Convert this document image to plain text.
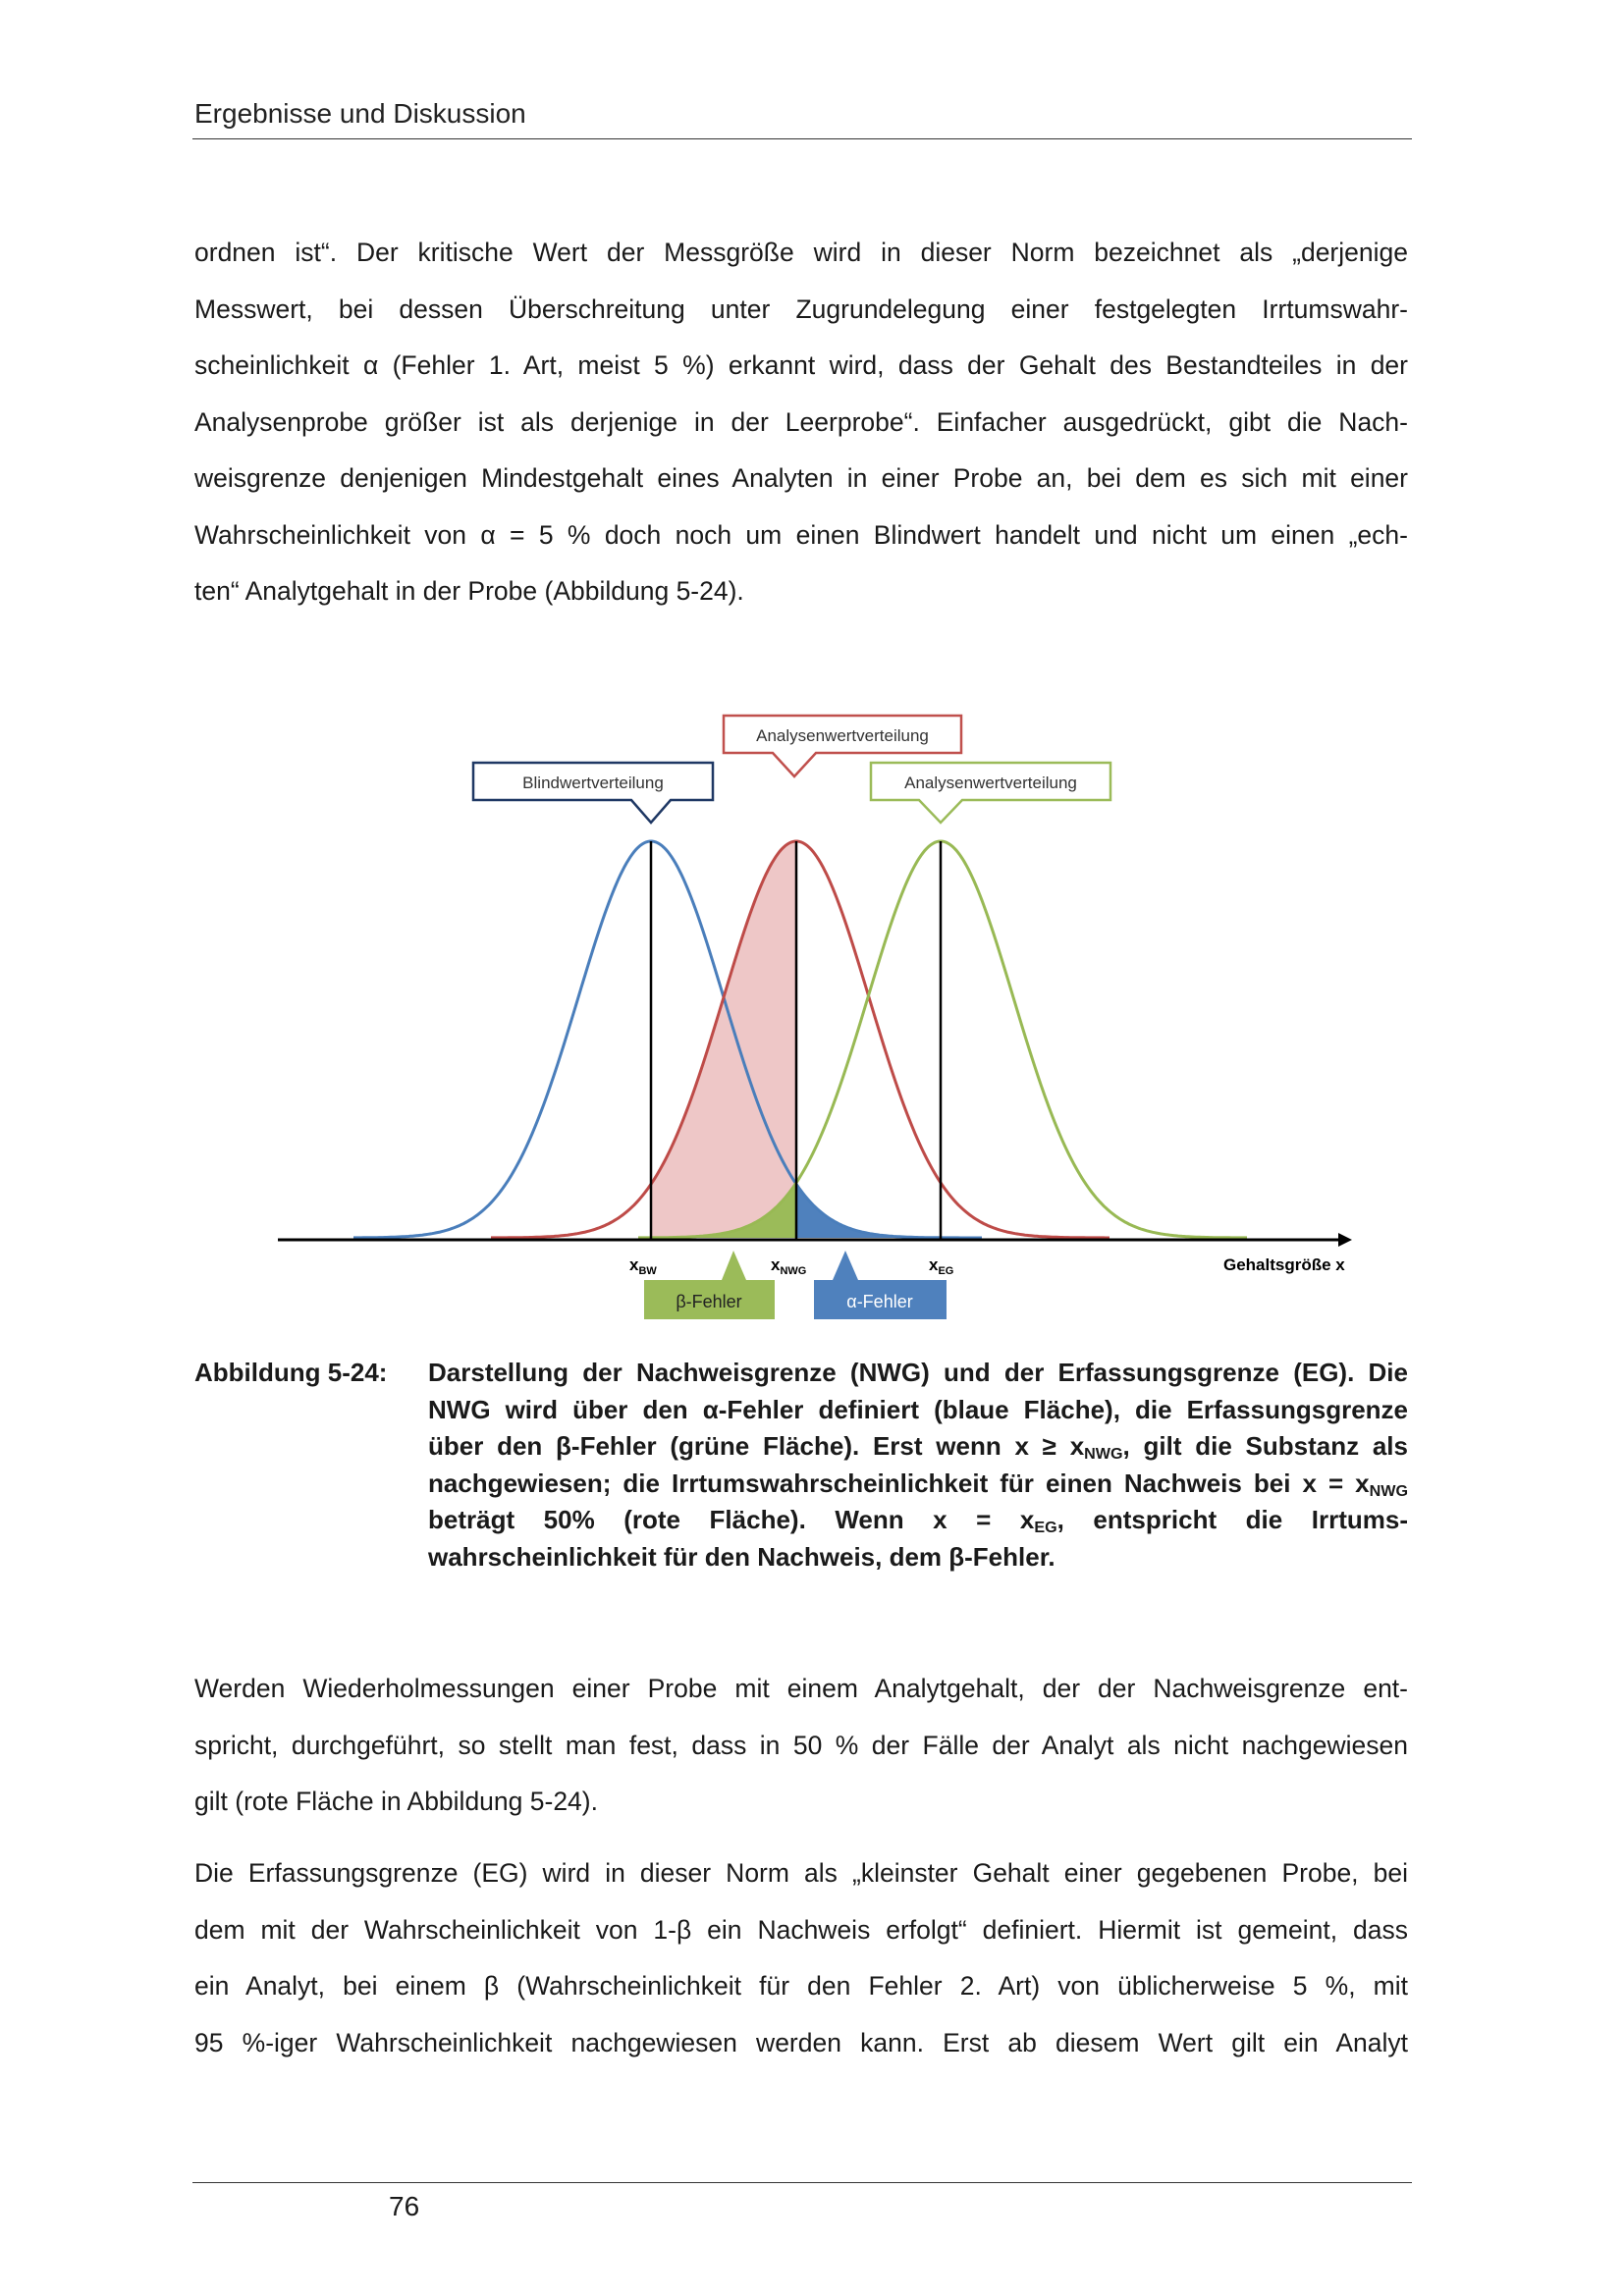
Ergebnisse und Diskussion
ordnen ist“. Der kritische Wert der Messgröße wird in dieser Norm bezeichnet als „derjenige
Messwert, bei dessen Überschreitung unter Zugrundelegung einer festgelegten Irrtumswahr-
scheinlichkeit α (Fehler 1. Art, meist 5 %) erkannt wird, dass der Gehalt des Bestandteiles in der
Analysenprobe größer ist als derjenige in der Leerprobe“. Einfacher ausgedrückt, gibt die Nach-
weisgrenze denjenigen Mindestgehalt eines Analyten in einer Probe an, bei dem es sich mit einer
Wahrscheinlichkeit von α = 5 % doch noch um einen Blindwert handelt und nicht um einen „ech-
ten“ Analytgehalt in der Probe (Abbildung 5-24).
Blindwertverteilung
Analysenwertverteilung
Analysenwertverteilung
$x_{BW}$	$x_{NWG}$	$x_{EG}$	Gehaltsgröße x
β-Fehler	α-Fehler
Abbildung 5-24: Darstellung der Nachweisgrenze (NWG) und der Erfassungsgrenze (EG). Die
NWG wird über den α-Fehler definiert (blaue Fläche), die Erfassungsgrenze
über den β-Fehler (grüne Fläche). Erst wenn $x \ge x_{NWG}$, gilt die Substanz als
nachgewiesen; die Irrtumswahrscheinlichkeit für einen Nachweis bei $x = x_{NWG}$
beträgt 50% (rote Fläche). Wenn $x = x_{EG}$, entspricht die Irrtums-
wahrscheinlichkeit für den Nachweis, dem β-Fehler.
Werden Wiederholmessungen einer Probe mit einem Analytgehalt, der der Nachweisgrenze ent-
spricht, durchgeführt, so stellt man fest, dass in 50 % der Fälle der Analyt als nicht nachgewiesen
gilt (rote Fläche in Abbildung 5-24).
Die Erfassungsgrenze (EG) wird in dieser Norm als „kleinster Gehalt einer gegebenen Probe, bei
dem mit der Wahrscheinlichkeit von 1-β ein Nachweis erfolgt“ definiert. Hiermit ist gemeint, dass
ein Analyt, bei einem β (Wahrscheinlichkeit für den Fehler 2. Art) von üblicherweise 5 %, mit
95 %-iger Wahrscheinlichkeit nachgewiesen werden kann. Erst ab diesem Wert gilt ein Analyt
76
